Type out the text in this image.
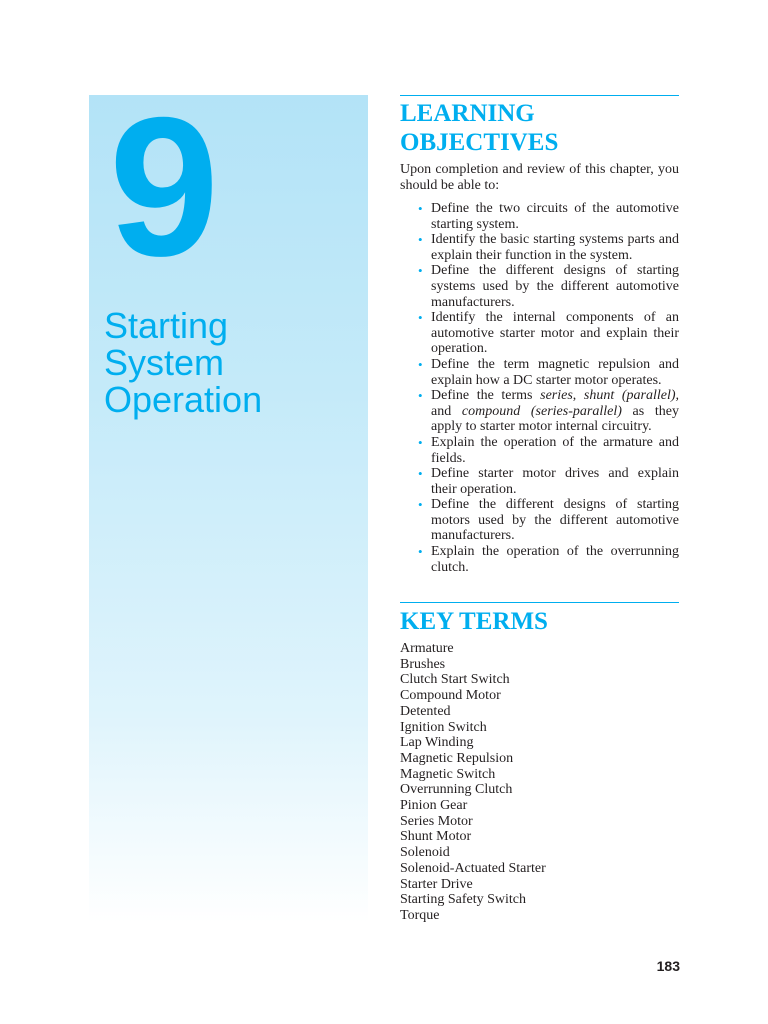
9
Starting
System
Operation
LEARNING
OBJECTIVES
Upon completion and review of this chapter, you should be able to:
• Define the two circuits of the automotive starting system.
• Identify the basic starting systems parts and explain their function in the system.
• Define the different designs of starting systems used by the different automotive manufacturers.
• Identify the internal components of an automotive starter motor and explain their operation.
• Define the term magnetic repulsion and explain how a DC starter motor operates.
• Define the terms series, shunt (parallel), and compound (series-parallel) as they apply to starter motor internal circuitry.
• Explain the operation of the armature and fields.
• Define starter motor drives and explain their operation.
• Define the different designs of starting motors used by the different automotive manufacturers.
• Explain the operation of the overrunning clutch.
KEY TERMS
Armature
Brushes
Clutch Start Switch
Compound Motor
Detented
Ignition Switch
Lap Winding
Magnetic Repulsion
Magnetic Switch
Overrunning Clutch
Pinion Gear
Series Motor
Shunt Motor
Solenoid
Solenoid-Actuated Starter
Starter Drive
Starting Safety Switch
Torque
183
